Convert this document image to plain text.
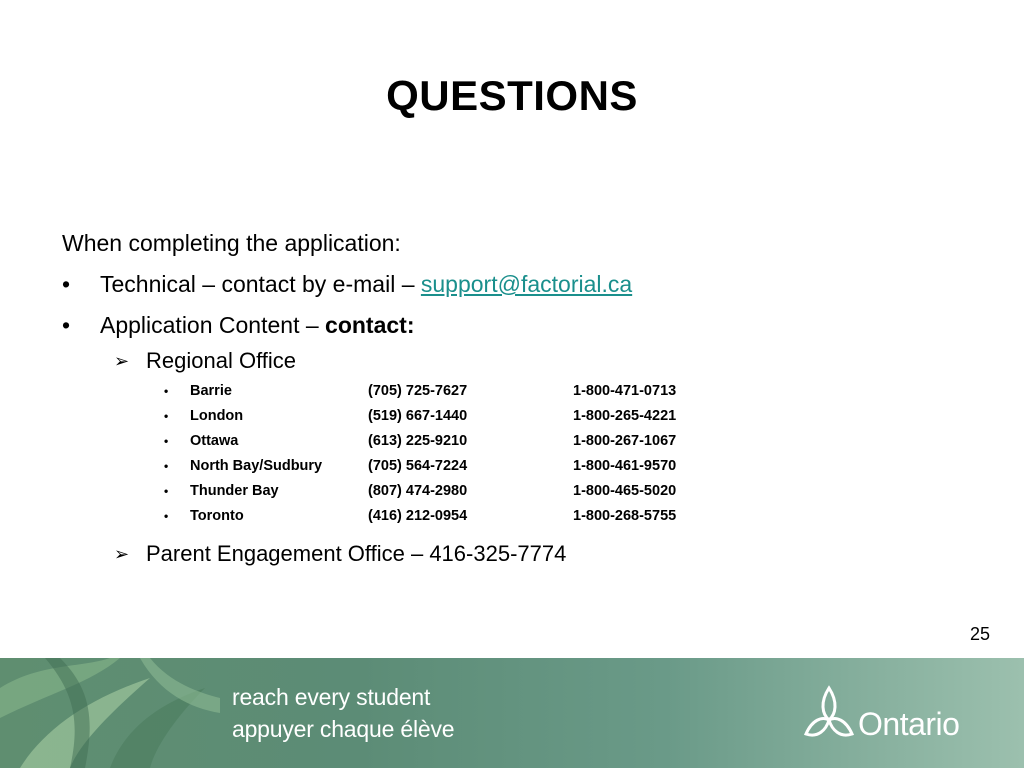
QUESTIONS

When completing the application:

• Technical – contact by e-mail – support@factorial.ca
• Application Content – contact:
➢ Regional Office
• Barrie	(705) 725-7627	1-800-471-0713
• London	(519) 667-1440	1-800-265-4221
• Ottawa	(613) 225-9210	1-800-267-1067
• North Bay/Sudbury	(705) 564-7224	1-800-461-9570
• Thunder Bay	(807) 474-2980	1-800-465-5020
• Toronto	(416) 212-0954	1-800-268-5755
➢ Parent Engagement Office – 416-325-7774
25
reach every student
appuyer chaque élève	Ontario
